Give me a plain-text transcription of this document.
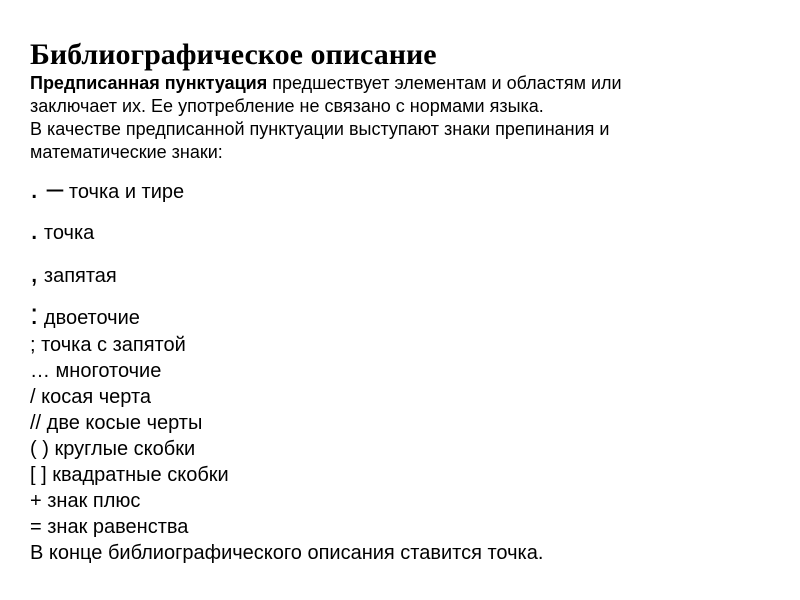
Библиографическое описание

Предписанная пунктуация предшествует элементам и областям или
заключает их. Ее употребление не связано с нормами языка.
В качестве предписанной пунктуации выступают знаки препинания и
математические знаки:

. – точка и тире
. точка
, запятая
: двоеточие
; точка с запятой
… многоточие
/ косая черта
// две косые черты
( ) круглые скобки
[ ] квадратные скобки
+ знак плюс
= знак равенства

В конце библиографического описания ставится точка.
